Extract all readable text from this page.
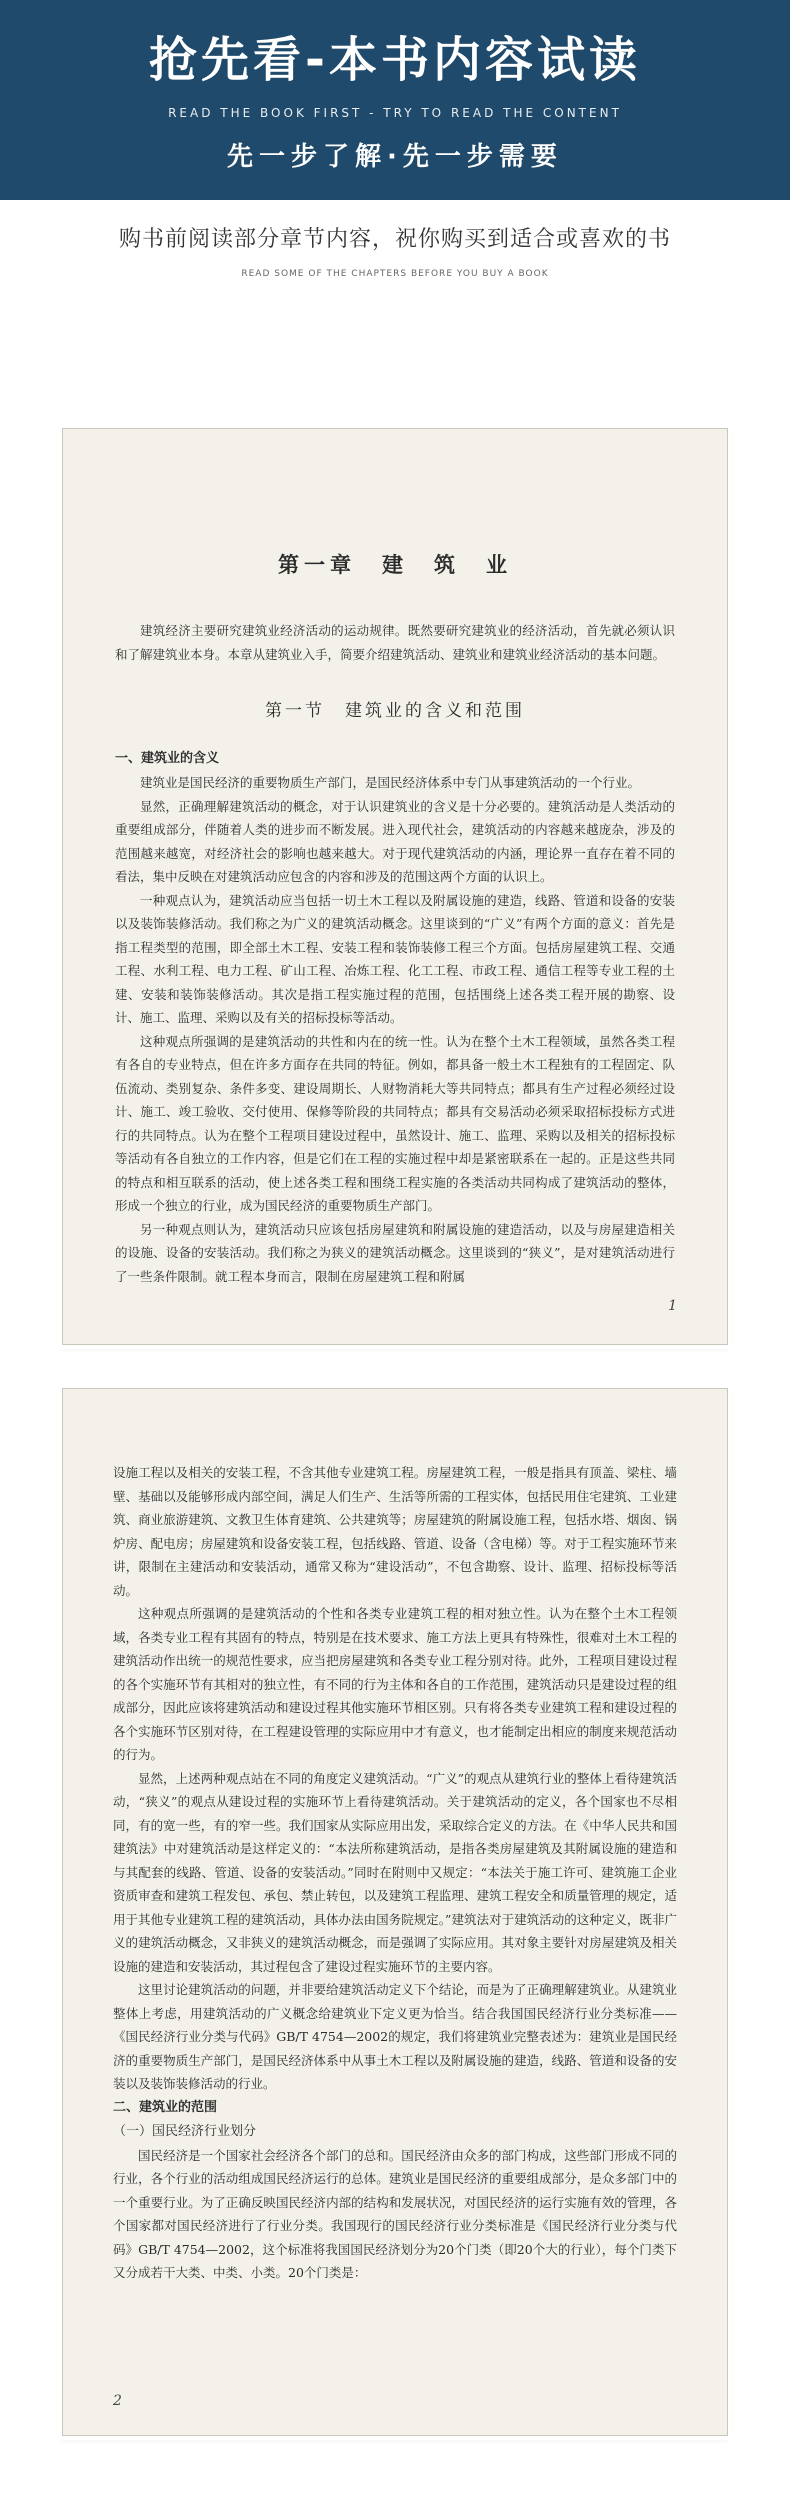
抢先看-本书内容试读
READ THE BOOK FIRST - TRY TO READ THE CONTENT
先一步了解·先一步需要
购书前阅读部分章节内容，祝你购买到适合或喜欢的书
READ SOME OF THE CHAPTERS BEFORE YOU BUY A BOOK
第一章　建　筑　业
建筑经济主要研究建筑业经济活动的运动规律。既然要研究建筑业的经济活动，首先就必须认识和了解建筑业本身。本章从建筑业入手，简要介绍建筑活动、建筑业和建筑业经济活动的基本问题。
第一节　建筑业的含义和范围
一、建筑业的含义
建筑业是国民经济的重要物质生产部门，是国民经济体系中专门从事建筑活动的一个行业。
显然，正确理解建筑活动的概念，对于认识建筑业的含义是十分必要的。建筑活动是人类活动的重要组成部分，伴随着人类的进步而不断发展。进入现代社会，建筑活动的内容越来越庞杂，涉及的范围越来越宽，对经济社会的影响也越来越大。对于现代建筑活动的内涵，理论界一直存在着不同的看法，集中反映在对建筑活动应包含的内容和涉及的范围这两个方面的认识上。
一种观点认为，建筑活动应当包括一切土木工程以及附属设施的建造，线路、管道和设备的安装以及装饰装修活动。我们称之为广义的建筑活动概念。这里谈到的“广义”有两个方面的意义：首先是指工程类型的范围，即全部土木工程、安装工程和装饰装修工程三个方面。包括房屋建筑工程、交通工程、水利工程、电力工程、矿山工程、冶炼工程、化工工程、市政工程、通信工程等专业工程的土建、安装和装饰装修活动。其次是指工程实施过程的范围，包括围绕上述各类工程开展的勘察、设计、施工、监理、采购以及有关的招标投标等活动。
这种观点所强调的是建筑活动的共性和内在的统一性。认为在整个土木工程领域，虽然各类工程有各自的专业特点，但在许多方面存在共同的特征。例如，都具备一般土木工程独有的工程固定、队伍流动、类别复杂、条件多变、建设周期长、人财物消耗大等共同特点；都具有生产过程必须经过设计、施工、竣工验收、交付使用、保修等阶段的共同特点；都具有交易活动必须采取招标投标方式进行的共同特点。认为在整个工程项目建设过程中，虽然设计、施工、监理、采购以及相关的招标投标等活动有各自独立的工作内容，但是它们在工程的实施过程中却是紧密联系在一起的。正是这些共同的特点和相互联系的活动，使上述各类工程和围绕工程实施的各类活动共同构成了建筑活动的整体，形成一个独立的行业，成为国民经济的重要物质生产部门。
另一种观点则认为，建筑活动只应该包括房屋建筑和附属设施的建造活动，以及与房屋建造相关的设施、设备的安装活动。我们称之为狭义的建筑活动概念。这里谈到的“狭义”，是对建筑活动进行了一些条件限制。就工程本身而言，限制在房屋建筑工程和附属
1
设施工程以及相关的安装工程，不含其他专业建筑工程。房屋建筑工程，一般是指具有顶盖、梁柱、墙壁、基础以及能够形成内部空间，满足人们生产、生活等所需的工程实体，包括民用住宅建筑、工业建筑、商业旅游建筑、文教卫生体育建筑、公共建筑等；房屋建筑的附属设施工程，包括水塔、烟囱、锅炉房、配电房；房屋建筑和设备安装工程，包括线路、管道、设备（含电梯）等。对于工程实施环节来讲，限制在主建活动和安装活动，通常又称为“建设活动”，不包含勘察、设计、监理、招标投标等活动。
这种观点所强调的是建筑活动的个性和各类专业建筑工程的相对独立性。认为在整个土木工程领域，各类专业工程有其固有的特点，特别是在技术要求、施工方法上更具有特殊性，很难对土木工程的建筑活动作出统一的规范性要求，应当把房屋建筑和各类专业工程分别对待。此外，工程项目建设过程的各个实施环节有其相对的独立性，有不同的行为主体和各自的工作范围，建筑活动只是建设过程的组成部分，因此应该将建筑活动和建设过程其他实施环节相区别。只有将各类专业建筑工程和建设过程的各个实施环节区别对待，在工程建设管理的实际应用中才有意义，也才能制定出相应的制度来规范活动的行为。
显然，上述两种观点站在不同的角度定义建筑活动。“广义”的观点从建筑行业的整体上看待建筑活动，“狭义”的观点从建设过程的实施环节上看待建筑活动。关于建筑活动的定义，各个国家也不尽相同，有的宽一些，有的窄一些。我们国家从实际应用出发，采取综合定义的方法。在《中华人民共和国建筑法》中对建筑活动是这样定义的：“本法所称建筑活动，是指各类房屋建筑及其附属设施的建造和与其配套的线路、管道、设备的安装活动。”同时在附则中又规定：“本法关于施工许可、建筑施工企业资质审查和建筑工程发包、承包、禁止转包，以及建筑工程监理、建筑工程安全和质量管理的规定，适用于其他专业建筑工程的建筑活动，具体办法由国务院规定。”建筑法对于建筑活动的这种定义，既非广义的建筑活动概念，又非狭义的建筑活动概念，而是强调了实际应用。其对象主要针对房屋建筑及相关设施的建造和安装活动，其过程包含了建设过程实施环节的主要内容。
这里讨论建筑活动的问题，并非要给建筑活动定义下个结论，而是为了正确理解建筑业。从建筑业整体上考虑，用建筑活动的广义概念给建筑业下定义更为恰当。结合我国国民经济行业分类标准——《国民经济行业分类与代码》GB/T 4754—2002的规定，我们将建筑业完整表述为：建筑业是国民经济的重要物质生产部门，是国民经济体系中从事土木工程以及附属设施的建造，线路、管道和设备的安装以及装饰装修活动的行业。
二、建筑业的范围
（一）国民经济行业划分
国民经济是一个国家社会经济各个部门的总和。国民经济由众多的部门构成，这些部门形成不同的行业，各个行业的活动组成国民经济运行的总体。建筑业是国民经济的重要组成部分，是众多部门中的一个重要行业。为了正确反映国民经济内部的结构和发展状况，对国民经济的运行实施有效的管理，各个国家都对国民经济进行了行业分类。我国现行的国民经济行业分类标准是《国民经济行业分类与代码》GB/T 4754—2002，这个标准将我国国民经济划分为20个门类（即20个大的行业），每个门类下又分成若干大类、中类、小类。20个门类是：
2
